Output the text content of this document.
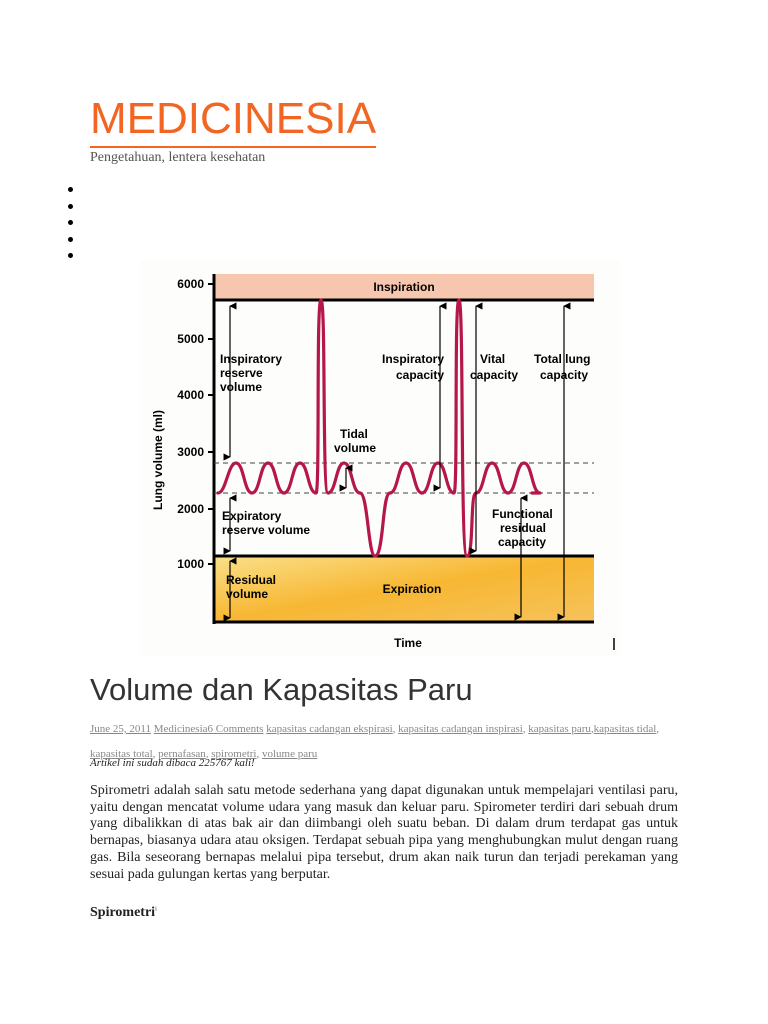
MEDICINESIA
Pengetahuan, lentera kesehatan
Inspiration
Expiration
6000
5000
4000
3000
2000
1000
Lung volume (ml)
Time
Inspiratory reserve volume
Tidal volume
Expiratory reserve volume
Residual volume
Inspiratory capacity
Vital capacity
Total lung capacity
Functional residual capacity
Volume dan Kapasitas Paru
June 25, 2011 Medicinesia6 Comments kapasitas cadangan ekspirasi, kapasitas cadangan inspirasi, kapasitas paru,kapasitas tidal, kapasitas total, pernafasan, spirometri, volume paru
Artikel ini sudah dibaca 225767 kali!

Spirometri adalah salah satu metode sederhana yang dapat digunakan untuk mempelajari ventilasi paru, yaitu dengan mencatat volume udara yang masuk dan keluar paru. Spirometer terdiri dari sebuah drum yang dibalikkan di atas bak air dan diimbangi oleh suatu beban. Di dalam drum terdapat gas untuk bernapas, biasanya udara atau oksigen. Terdapat sebuah pipa yang menghubungkan mulut dengan ruang gas. Bila seseorang bernapas melalui pipa tersebut, drum akan naik turun dan terjadi perekaman yang sesuai pada gulungan kertas yang berputar.

Spirometri$^i$
